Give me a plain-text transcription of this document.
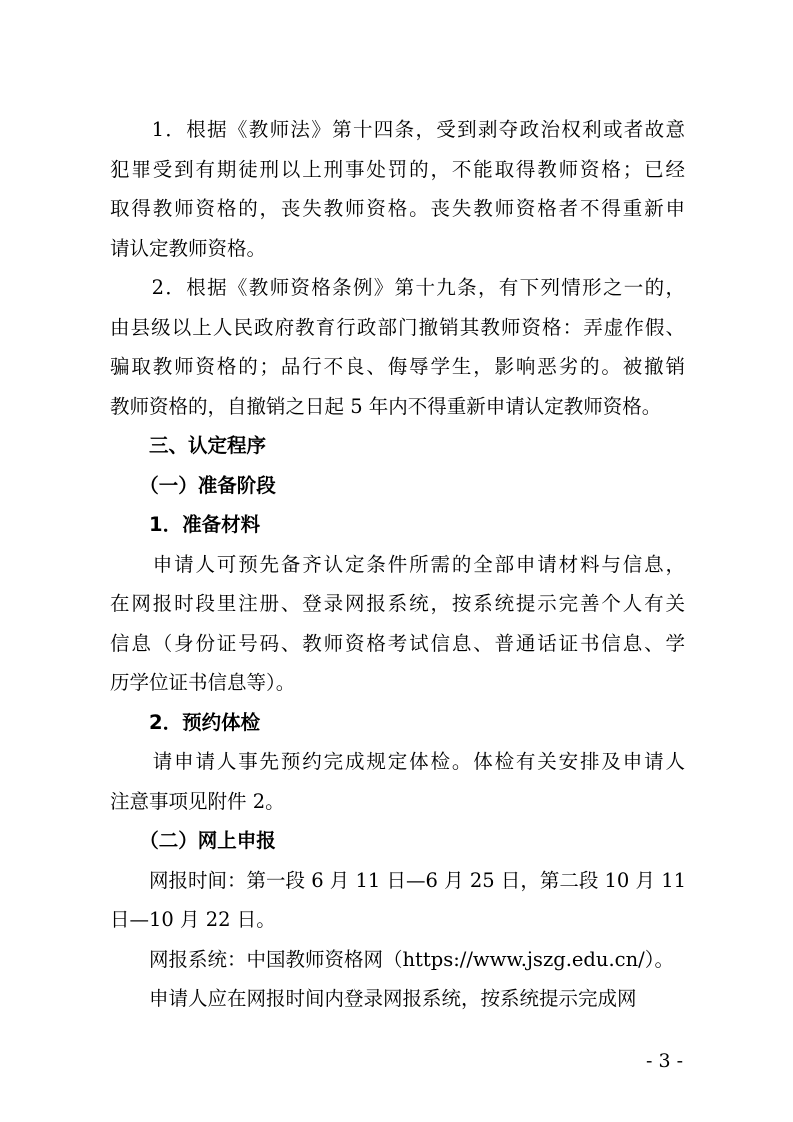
　　1．根据《教师法》第十四条，受到剥夺政治权利或者故意
犯罪受到有期徒刑以上刑事处罚的，不能取得教师资格；已经
取得教师资格的，丧失教师资格。丧失教师资格者不得重新申
请认定教师资格。
　　2．根据《教师资格条例》第十九条，有下列情形之一的，
由县级以上人民政府教育行政部门撤销其教师资格：弄虚作假、
骗取教师资格的；品行不良、侮辱学生，影响恶劣的。被撤销
教师资格的，自撤销之日起 5 年内不得重新申请认定教师资格。
　　三、认定程序
　　（一）准备阶段
　　1．准备材料
　　申请人可预先备齐认定条件所需的全部申请材料与信息，
在网报时段里注册、登录网报系统，按系统提示完善个人有关
信息（身份证号码、教师资格考试信息、普通话证书信息、学
历学位证书信息等）。
　　2．预约体检
　　请申请人事先预约完成规定体检。体检有关安排及申请人
注意事项见附件 2。
　　（二）网上申报
　　网报时间：第一段 6 月 11 日—6 月 25 日，第二段 10 月 11
日—10 月 22 日。
　　网报系统：中国教师资格网（https://www.jszg.edu.cn/）。
　　申请人应在网报时间内登录网报系统，按系统提示完成网
- 3 -
